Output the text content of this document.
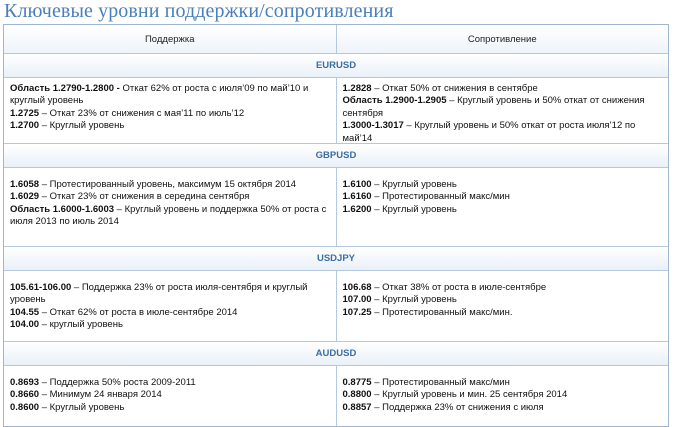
Ключевые уровни поддержки/сопротивления
Поддержка	Сопротивление
EURUSD
Область 1.2790-1.2800 - Откат 62% от роста с июля’09 по май’10 и круглый уровень
1.2725 – Откат 23% от снижения с мая’11 по июль’12
1.2700 – Круглый уровень
1.2828 – Откат 50% от снижения в сентябре
Область 1.2900-1.2905 – Круглый уровень и 50% откат от снижения сентября
1.3000-1.3017 – Круглый уровень и 50% откат от роста июля’12 по май’14
GBPUSD
1.6058 – Протестированный уровень, максимум 15 октября 2014
1.6029 – Откат 23% от снижения в середина сентября
Область 1.6000-1.6003 – Круглый уровень и поддержка 50% от роста с июля 2013 по июль 2014
1.6100 – Круглый уровень
1.6160 – Протестированный макс/мин
1.6200 – Круглый уровень
USDJPY
105.61-106.00 – Поддержка 23% от роста июля-сентября и круглый уровень
104.55 – Откат 62% от роста в июле-сентябре 2014
104.00 – круглый уровень
106.68 – Откат 38% от роста в июле-сентябре
107.00 – Круглый уровень
107.25 – Протестированный макс/мин.
AUDUSD
0.8693 – Поддержка 50% роста 2009-2011
0.8660 – Минимум 24 января 2014
0.8600 – Круглый уровень
0.8775 – Протестированный макс/мин
0.8800 – Круглый уровень и мин. 25 сентября 2014
0.8857 – Поддержка 23% от снижения с июля
